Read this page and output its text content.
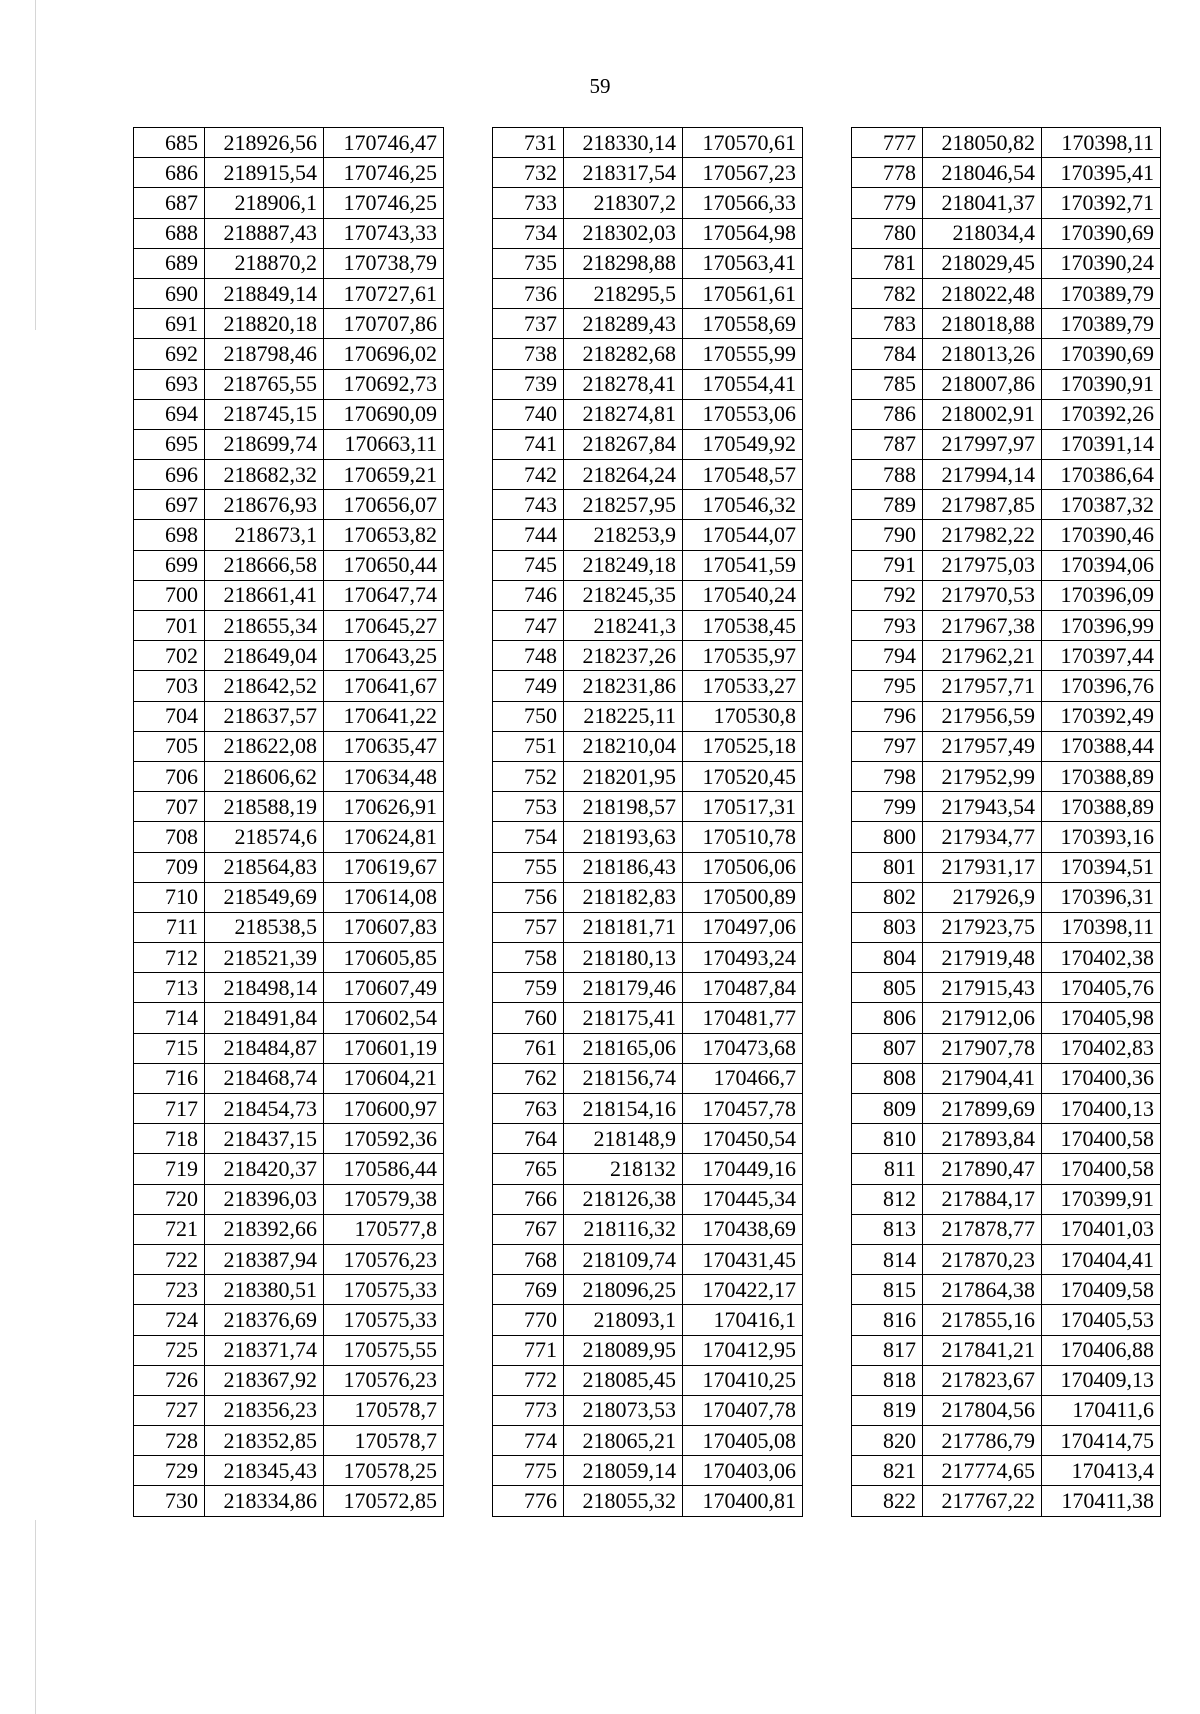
59
685	218926,56	170746,47
686	218915,54	170746,25
687	218906,1	170746,25
688	218887,43	170743,33
689	218870,2	170738,79
690	218849,14	170727,61
691	218820,18	170707,86
692	218798,46	170696,02
693	218765,55	170692,73
694	218745,15	170690,09
695	218699,74	170663,11
696	218682,32	170659,21
697	218676,93	170656,07
698	218673,1	170653,82
699	218666,58	170650,44
700	218661,41	170647,74
701	218655,34	170645,27
702	218649,04	170643,25
703	218642,52	170641,67
704	218637,57	170641,22
705	218622,08	170635,47
706	218606,62	170634,48
707	218588,19	170626,91
708	218574,6	170624,81
709	218564,83	170619,67
710	218549,69	170614,08
711	218538,5	170607,83
712	218521,39	170605,85
713	218498,14	170607,49
714	218491,84	170602,54
715	218484,87	170601,19
716	218468,74	170604,21
717	218454,73	170600,97
718	218437,15	170592,36
719	218420,37	170586,44
720	218396,03	170579,38
721	218392,66	170577,8
722	218387,94	170576,23
723	218380,51	170575,33
724	218376,69	170575,33
725	218371,74	170575,55
726	218367,92	170576,23
727	218356,23	170578,7
728	218352,85	170578,7
729	218345,43	170578,25
730	218334,86	170572,85
731	218330,14	170570,61
732	218317,54	170567,23
733	218307,2	170566,33
734	218302,03	170564,98
735	218298,88	170563,41
736	218295,5	170561,61
737	218289,43	170558,69
738	218282,68	170555,99
739	218278,41	170554,41
740	218274,81	170553,06
741	218267,84	170549,92
742	218264,24	170548,57
743	218257,95	170546,32
744	218253,9	170544,07
745	218249,18	170541,59
746	218245,35	170540,24
747	218241,3	170538,45
748	218237,26	170535,97
749	218231,86	170533,27
750	218225,11	170530,8
751	218210,04	170525,18
752	218201,95	170520,45
753	218198,57	170517,31
754	218193,63	170510,78
755	218186,43	170506,06
756	218182,83	170500,89
757	218181,71	170497,06
758	218180,13	170493,24
759	218179,46	170487,84
760	218175,41	170481,77
761	218165,06	170473,68
762	218156,74	170466,7
763	218154,16	170457,78
764	218148,9	170450,54
765	218132	170449,16
766	218126,38	170445,34
767	218116,32	170438,69
768	218109,74	170431,45
769	218096,25	170422,17
770	218093,1	170416,1
771	218089,95	170412,95
772	218085,45	170410,25
773	218073,53	170407,78
774	218065,21	170405,08
775	218059,14	170403,06
776	218055,32	170400,81
777	218050,82	170398,11
778	218046,54	170395,41
779	218041,37	170392,71
780	218034,4	170390,69
781	218029,45	170390,24
782	218022,48	170389,79
783	218018,88	170389,79
784	218013,26	170390,69
785	218007,86	170390,91
786	218002,91	170392,26
787	217997,97	170391,14
788	217994,14	170386,64
789	217987,85	170387,32
790	217982,22	170390,46
791	217975,03	170394,06
792	217970,53	170396,09
793	217967,38	170396,99
794	217962,21	170397,44
795	217957,71	170396,76
796	217956,59	170392,49
797	217957,49	170388,44
798	217952,99	170388,89
799	217943,54	170388,89
800	217934,77	170393,16
801	217931,17	170394,51
802	217926,9	170396,31
803	217923,75	170398,11
804	217919,48	170402,38
805	217915,43	170405,76
806	217912,06	170405,98
807	217907,78	170402,83
808	217904,41	170400,36
809	217899,69	170400,13
810	217893,84	170400,58
811	217890,47	170400,58
812	217884,17	170399,91
813	217878,77	170401,03
814	217870,23	170404,41
815	217864,38	170409,58
816	217855,16	170405,53
817	217841,21	170406,88
818	217823,67	170409,13
819	217804,56	170411,6
820	217786,79	170414,75
821	217774,65	170413,4
822	217767,22	170411,38
